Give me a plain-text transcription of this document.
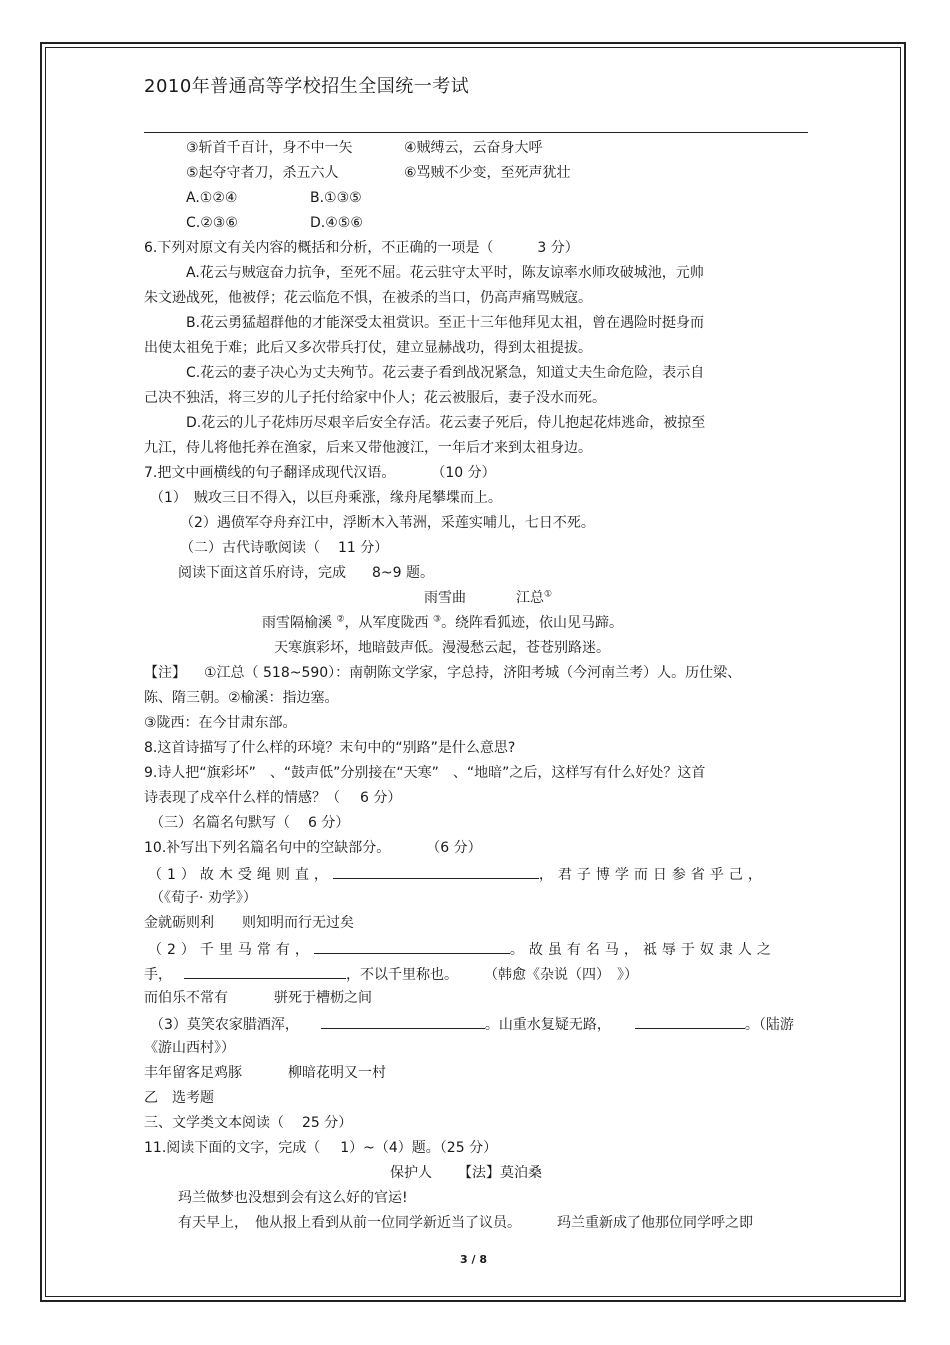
2010年普通高等学校招生全国统一考试
③斩首千百计，身不中一矢	④贼缚云，云奋身大呼
⑤起夺守者刀，杀五六人	⑥骂贼不少变，至死声犹壮
A.①②④	B.①③⑤
C.②③⑥	D.④⑤⑥
6.下列对原文有关内容的概括和分析，不正确的一项是（	3 分）
A.花云与贼寇奋力抗争，至死不屈。花云驻守太平时，陈友谅率水师攻破城池，元帅
朱文逊战死，他被俘；花云临危不惧，在被杀的当口，仍高声痛骂贼寇。
B.花云勇猛超群他的才能深受太祖赏识。至正十三年他拜见太祖，曾在遇险时挺身而
出使太祖免于难；此后又多次带兵打仗，建立显赫战功，得到太祖提拔。
C.花云的妻子决心为丈夫殉节。花云妻子看到战况紧急，知道丈夫生命危险，表示自
己决不独活，将三岁的儿子托付给家中仆人；花云被服后，妻子没水而死。
D.花云的儿子花炜历尽艰辛后安全存活。花云妻子死后，侍儿抱起花炜逃命，被掠至
九江，侍儿将他托养在渔家，后来又带他渡江，一年后才来到太祖身边。
7.把文中画横线的句子翻译成现代汉语。	（10 分）
（1）　贼攻三日不得入，以巨舟乘涨，缘舟尾攀堞而上。
（2）遇偾军夺舟弃江中，浮断木入苇洲，采莲实哺儿，七日不死。
（二）古代诗歌阅读（ 11 分）
阅读下面这首乐府诗，完成 8~9 题。
雨雪曲	江总①
雨雪隔榆溪 ②，从军度陇西 ③。绕阵看狐迹，依山见马蹄。
天寒旗彩坏，地暗鼓声低。漫漫愁云起，苍苍别路迷。
【注】 ①江总（ 518~590）：南朝陈文学家，字总持，济阳考城（今河南兰考）人。历仕梁、
陈、隋三朝。②榆溪：指边塞。
③陇西：在今甘肃东部。
8.这首诗描写了什么样的环境？末句中的“别路”是什么意思?
9.诗人把“旗彩坏”　、“鼓声低”分别接在“天寒”　、“地暗”之后，这样写有什么好处？这首
诗表现了戍卒什么样的情感？（ 6 分）
（三）名篇名句默写（ 6 分）
10.补写出下列名篇名句中的空缺部分。	（6 分）
（1）故木受绳则直，	，君子博学而日参省乎己，
（《荀子· 劝学》）
金就砺则利 则知明而行无过矣
（2）千里马常有，	。故虽有名马，祗辱于奴隶人之
手，	，不以千里称也。 （韩愈《杂说（四）　》）
而伯乐不常有	骈死于槽枥之间
（3）莫笑农家腊酒浑，	。山重水复疑无路，	。（陆游
《游山西村》）
丰年留客足鸡豚	柳暗花明又一村
乙　选考题
三、文学类文本阅读（ 25 分）
11.阅读下面的文字，完成（ 1）~（4）题。（25 分）
保护人 【法】莫泊桑
玛兰做梦也没想到会有这么好的官运!
有天早上，　他从报上看到从前一位同学新近当了议员。	玛兰重新成了他那位同学呼之即
3 / 8
